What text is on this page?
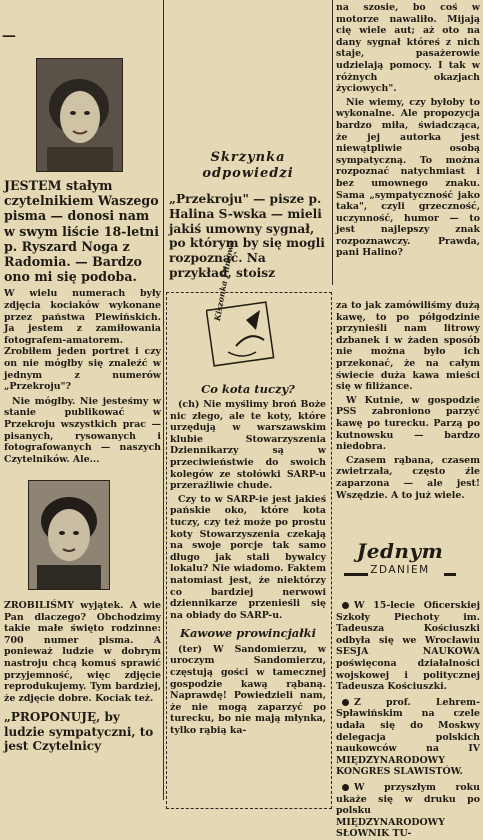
—

JESTEM stałym czytelnikiem Waszego pisma — donosi nam w swym liście 18-letni p. Ryszard Noga z Radomia. — Bardzo ono mi się podoba.

W wielu numerach były zdjęcia kociaków wykonane przez państwa Plewińskich. Ja jestem z zamiłowania fotografem-amatorem. Zrobiłem jeden portret i czy on nie mógłby się znaleźć w jednym z numerów „Przekroju"?

Nie mógłby. Nie jesteśmy w stanie publikować w Przekroju wszystkich prac — pisanych, rysowanych i fotografowanych — naszych Czytelników. Ale...

ZROBILIŚMY wyjątek. A wie Pan dlaczego? Obchodzimy takie małe święto rodzinne: 700 numer pisma. A ponieważ ludzie w dobrym nastroju chcą komuś sprawić przyjemność, więc zdjęcie reprodukujemy. Tym bardziej, że zdjęcie dobre. Kociak też.

„PROPONUJĘ, by ludzie sympatyczni, to jest Czytelnicy

Skrzynka odpowiedzi

„Przekroju" — pisze p. Halina S-wska — mieli jakiś umowny sygnał, po którym by się mogli rozpoznać. Na przykład, stoisz

Kiszonka Filmowa
Co kota tuczy?

(ch) Nie myślimy broń Boże nic złego, ale te koty, które urzędują w warszawskim klubie Stowarzyszenia Dziennikarzy są w przeciwieństwie do swoich kolegów ze stołówki SARP-u przeraźliwie chude.

Czy to w SARP-ie jest jakieś pańskie oko, które kota tuczy, czy też może po prostu koty Stowarzyszenia czekają na swoje porcje tak samo długo jak stali bywalcy lokalu? Nie wiadomo. Faktem natomiast jest, że niektórzy co bardziej nerwowi dziennikarze przenieśli się na obiady do SARP-u.

Kawowe prowincjałki

(ter) W Sandomierzu, w uroczym Sandomierzu, częstują gości w tamecznej gospodzie kawą rąbaną. Naprawdę! Powiedzieli nam, że nie mogą zaparzyć po turecku, bo nie mają młynka, tylko rąbią ka-

na szosie, bo coś w motorze nawaliło. Mijają cię wiele aut; aż oto na dany sygnał któreś z nich staje, pasażerowie udzielają pomocy. I tak w różnych okazjach życiowych".

Nie wiemy, czy byłoby to wykonalne. Ale propozycja bardzo miła, świadcząca, że jej autorka jest niewątpliwie osobą sympatyczną. To można rozpoznać natychmiast i bez umownego znaku. Sama „sympatyczność jako taka", czyli grzeczność, uczynność, humor — to jest najlepszy znak rozpoznawczy. Prawda, pani Halino?

za to jak zamówiliśmy dużą kawę, to po półgodzinie przynieśli nam litrowy dzbanek i w żaden sposób nie można było ich przekonać, że na całym świecie duża kawa mieści się w filiżance.

W Kutnie, w gospodzie PSS zabroniono parzyć kawę po turecku. Parzą po kutnowsku — bardzo niedobra.

Czasem rąbana, czasem zwietrzała, często źle zaparzona — ale jest! Wszędzie. A to już wiele.

Jednym
ZDANIEM

W 15-lecie Oficerskiej Szkoły Piechoty im. Tadeusza Kościuszki odbyła się we Wrocławiu SESJA NAUKOWA poświęcona działalności wojskowej i politycznej Tadeusza Kościuszki.

Z prof. Lehrem-Spławińskim na czele udała się do Moskwy delegacja polskich naukowców na IV MIĘDZYNARODOWY KONGRES SLAWISTÓW.

W przyszłym roku ukaże się w druku po polsku MIĘDZYNARODOWY SŁOWNIK TU-
